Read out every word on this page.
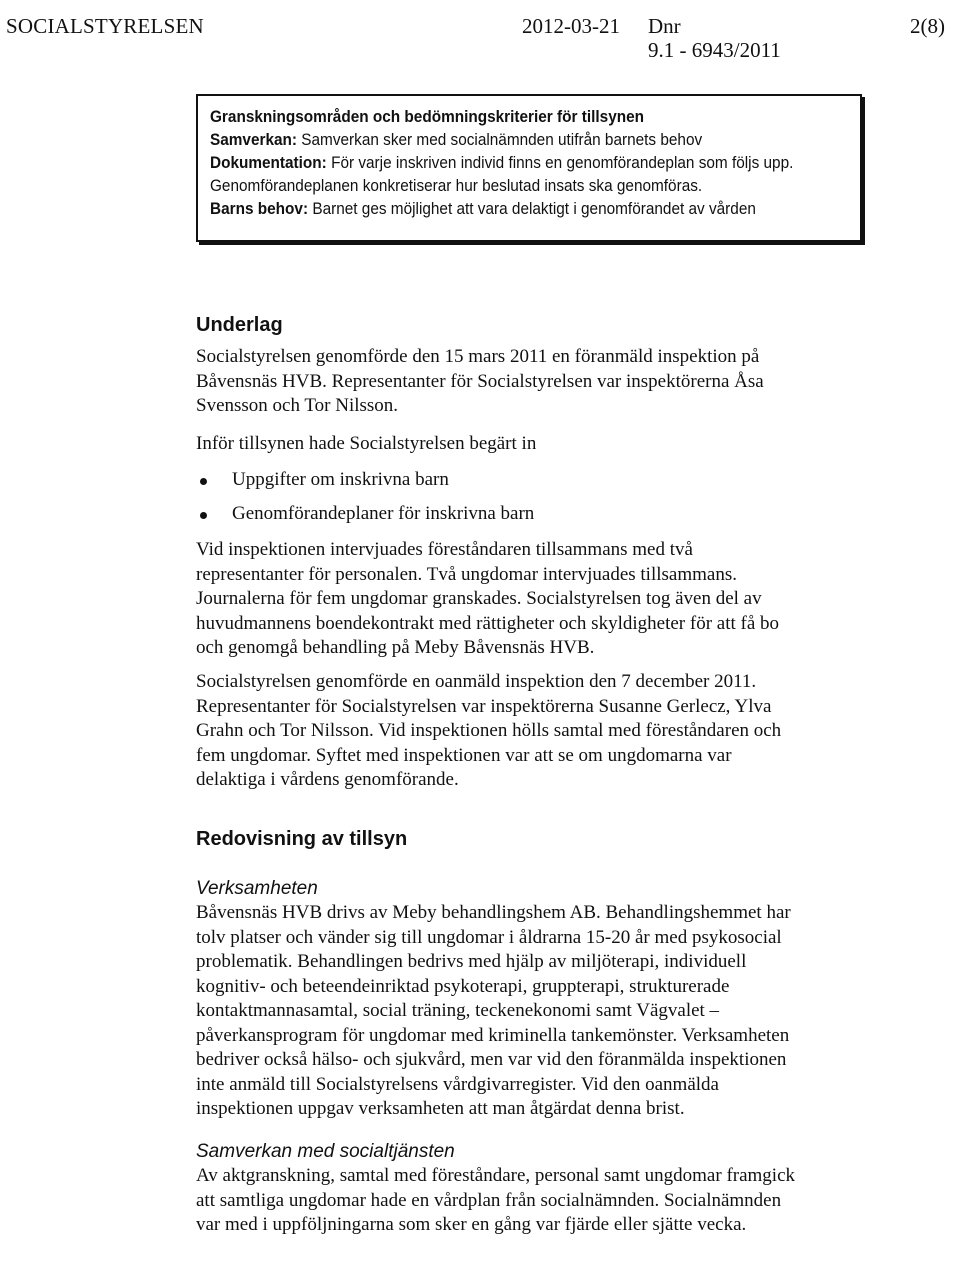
SOCIALSTYRELSEN	2012-03-21 Dnr
9.1 - 6943/2011
2(8)
Granskningsområden och bedömningskriterier för tillsynen
Samverkan: Samverkan sker med socialnämnden utifrån barnets behov
Dokumentation: För varje inskriven individ finns en genomförandeplan som följs upp.
Genomförandeplanen konkretiserar hur beslutad insats ska genomföras.
Barns behov: Barnet ges möjlighet att vara delaktigt i genomförandet av vården
Underlag
Socialstyrelsen genomförde den 15 mars 2011 en föranmäld inspektion på
Båvensnäs HVB. Representanter för Socialstyrelsen var inspektörerna Åsa
Svensson och Tor Nilsson.
Inför tillsynen hade Socialstyrelsen begärt in
Uppgifter om inskrivna barn
Genomförandeplaner för inskrivna barn
Vid inspektionen intervjuades föreståndaren tillsammans med två
representanter för personalen. Två ungdomar intervjuades tillsammans.
Journalerna för fem ungdomar granskades. Socialstyrelsen tog även del av
huvudmannens boendekontrakt med rättigheter och skyldigheter för att få bo
och genomgå behandling på Meby Båvensnäs HVB.
Socialstyrelsen genomförde en oanmäld inspektion den 7 december 2011.
Representanter för Socialstyrelsen var inspektörerna Susanne Gerlecz, Ylva
Grahn och Tor Nilsson. Vid inspektionen hölls samtal med föreståndaren och
fem ungdomar. Syftet med inspektionen var att se om ungdomarna var
delaktiga i vårdens genomförande.
Redovisning av tillsyn
Verksamheten
Båvensnäs HVB drivs av Meby behandlingshem AB. Behandlingshemmet har
tolv platser och vänder sig till ungdomar i åldrarna 15-20 år med psykosocial
problematik. Behandlingen bedrivs med hjälp av miljöterapi, individuell
kognitiv- och beteendeinriktad psykoterapi, gruppterapi, strukturerade
kontaktmannasamtal, social träning, teckenekonomi samt Vägvalet –
påverkansprogram för ungdomar med kriminella tankemönster. Verksamheten
bedriver också hälso- och sjukvård, men var vid den föranmälda inspektionen
inte anmäld till Socialstyrelsens vårdgivarregister. Vid den oanmälda
inspektionen uppgav verksamheten att man åtgärdat denna brist.
Samverkan med socialtjänsten
Av aktgranskning, samtal med föreståndare, personal samt ungdomar framgick
att samtliga ungdomar hade en vårdplan från socialnämnden. Socialnämnden
var med i uppföljningarna som sker en gång var fjärde eller sjätte vecka.
